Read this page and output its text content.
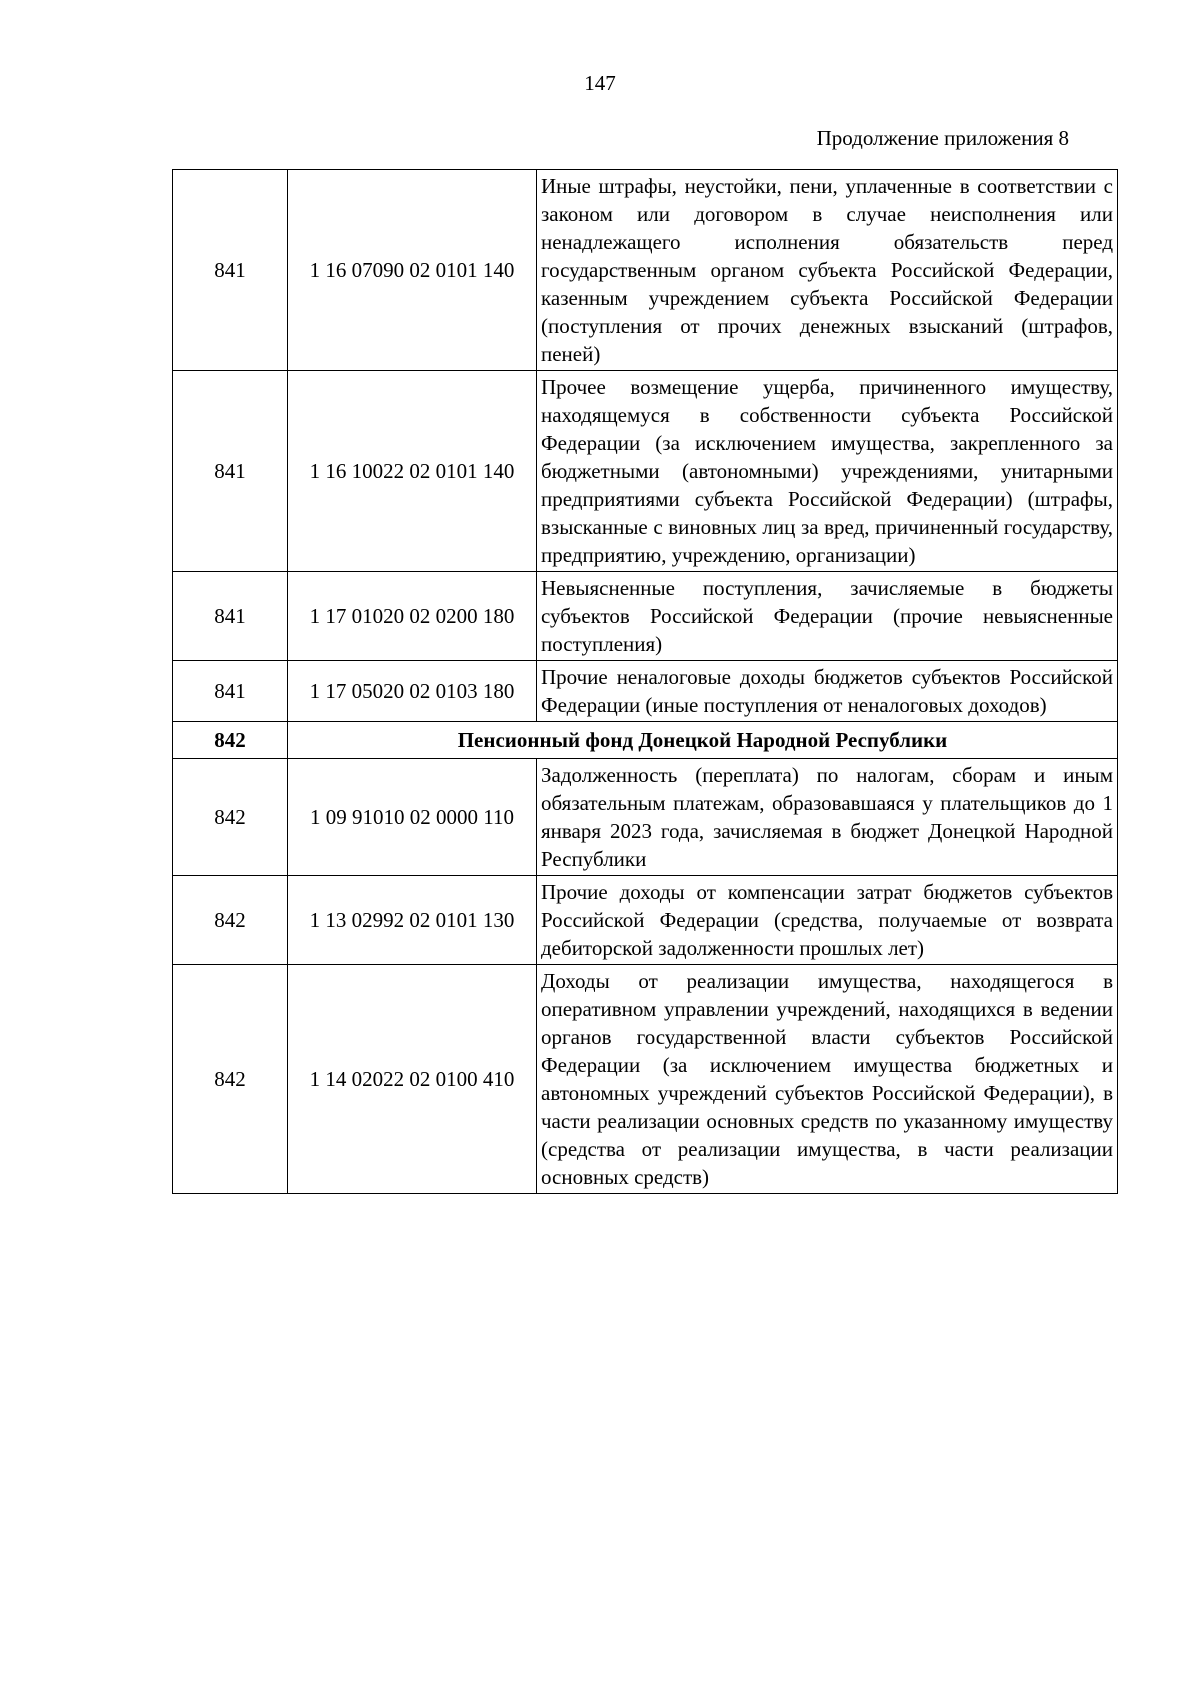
147
Продолжение приложения 8
841	1 16 07090 02 0101 140	Иные штрафы, неустойки, пени, уплаченные в соответствии с законом или договором в случае неисполнения или ненадлежащего исполнения обязательств перед государственным органом субъекта Российской Федерации, казенным учреждением субъекта Российской Федерации (поступления от прочих денежных взысканий (штрафов, пеней)
841	1 16 10022 02 0101 140	Прочее возмещение ущерба, причиненного имуществу, находящемуся в собственности субъекта Российской Федерации (за исключением имущества, закрепленного за бюджетными (автономными) учреждениями, унитарными предприятиями субъекта Российской Федерации) (штрафы, взысканные с виновных лиц за вред, причиненный государству, предприятию, учреждению, организации)
841	1 17 01020 02 0200 180	Невыясненные поступления, зачисляемые в бюджеты субъектов Российской Федерации (прочие невыясненные поступления)
841	1 17 05020 02 0103 180	Прочие неналоговые доходы бюджетов субъектов Российской Федерации (иные поступления от неналоговых доходов)
842	Пенсионный фонд Донецкой Народной Республики	
842	1 09 91010 02 0000 110	Задолженность (переплата) по налогам, сборам и иным обязательным платежам, образовавшаяся у плательщиков до 1 января 2023 года, зачисляемая в бюджет Донецкой Народной Республики
842	1 13 02992 02 0101 130	Прочие доходы от компенсации затрат бюджетов субъектов Российской Федерации (средства, получаемые от возврата дебиторской задолженности прошлых лет)
842	1 14 02022 02 0100 410	Доходы от реализации имущества, находящегося в оперативном управлении учреждений, находящихся в ведении органов государственной власти субъектов Российской Федерации (за исключением имущества бюджетных и автономных учреждений субъектов Российской Федерации), в части реализации основных средств по указанному имуществу (средства от реализации имущества, в части реализации основных средств)
